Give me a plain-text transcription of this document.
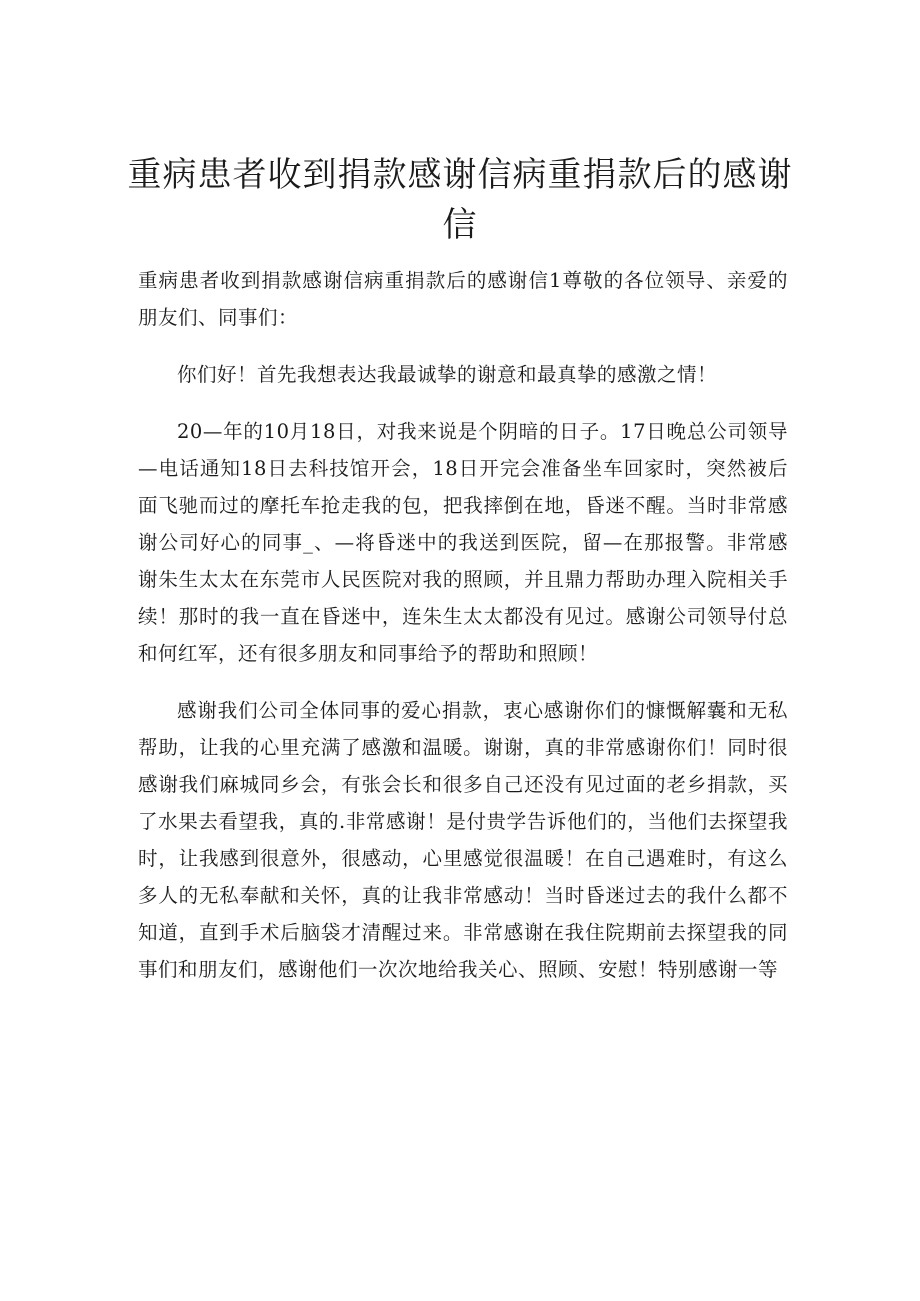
重病患者收到捐款感谢信病重捐款后的感谢信

重病患者收到捐款感谢信病重捐款后的感谢信1尊敬的各位领导、亲爱的朋友们、同事们：

你们好！首先我想表达我最诚挚的谢意和最真挚的感激之情！

20—年的10月18日，对我来说是个阴暗的日子。17日晚总公司领导—电话通知18日去科技馆开会，18日开完会准备坐车回家时，突然被后面飞驰而过的摩托车抢走我的包，把我摔倒在地，昏迷不醒。当时非常感谢公司好心的同事_、—将昏迷中的我送到医院，留—在那报警。非常感谢朱生太太在东莞市人民医院对我的照顾，并且鼎力帮助办理入院相关手续！那时的我一直在昏迷中，连朱生太太都没有见过。感谢公司领导付总和何红军，还有很多朋友和同事给予的帮助和照顾！

感谢我们公司全体同事的爱心捐款，衷心感谢你们的慷慨解囊和无私帮助，让我的心里充满了感激和温暖。谢谢，真的非常感谢你们！同时很感谢我们麻城同乡会，有张会长和很多自己还没有见过面的老乡捐款，买了水果去看望我，真的.非常感谢！是付贵学告诉他们的，当他们去探望我时，让我感到很意外，很感动，心里感觉很温暖！在自己遇难时，有这么多人的无私奉献和关怀，真的让我非常感动！当时昏迷过去的我什么都不知道，直到手术后脑袋才清醒过来。非常感谢在我住院期前去探望我的同事们和朋友们，感谢他们一次次地给我关心、照顾、安慰！特别感谢一等
